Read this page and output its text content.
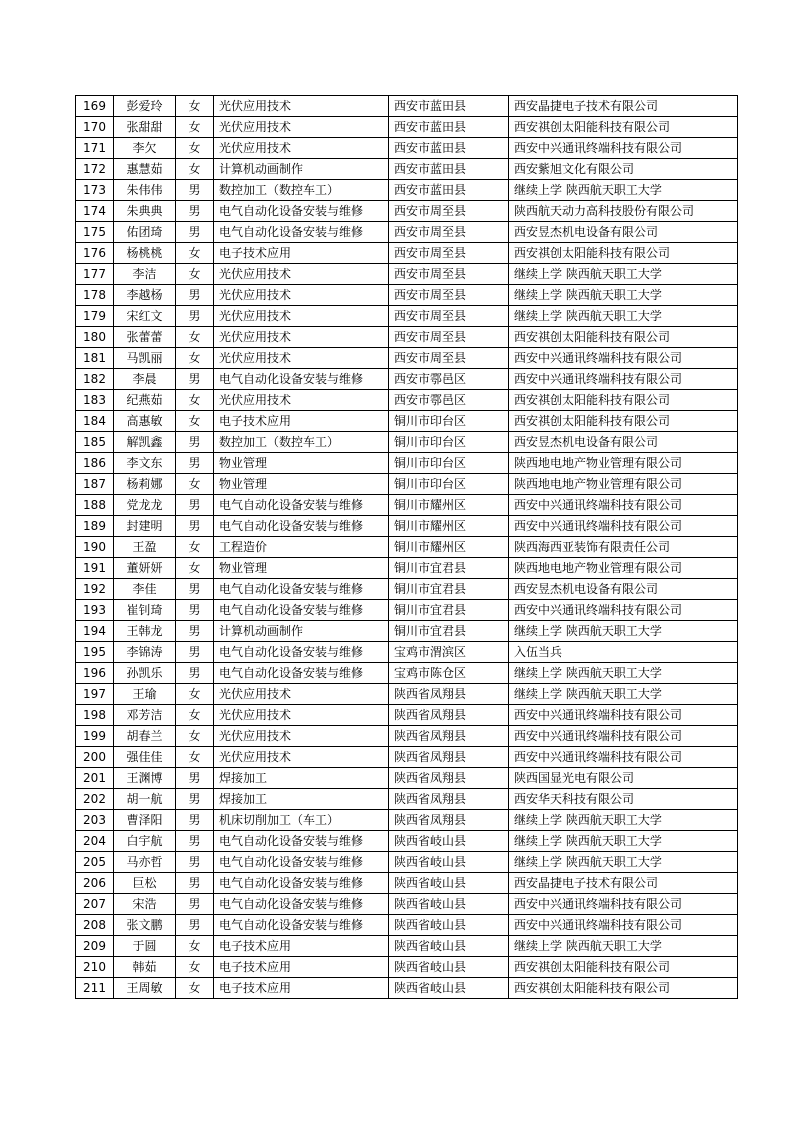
169	彭爱玲	女	光伏应用技术	西安市蓝田县	西安晶捷电子技术有限公司
170	张甜甜	女	光伏应用技术	西安市蓝田县	西安祺创太阳能科技有限公司
171	李欠	女	光伏应用技术	西安市蓝田县	西安中兴通讯终端科技有限公司
172	惠慧茹	女	计算机动画制作	西安市蓝田县	西安紫旭文化有限公司
173	朱伟伟	男	数控加工（数控车工）	西安市蓝田县	继续上学 陕西航天职工大学
174	朱典典	男	电气自动化设备安装与维修	西安市周至县	陕西航天动力高科技股份有限公司
175	佑团琦	男	电气自动化设备安装与维修	西安市周至县	西安昱杰机电设备有限公司
176	杨桃桃	女	电子技术应用	西安市周至县	西安祺创太阳能科技有限公司
177	李洁	女	光伏应用技术	西安市周至县	继续上学 陕西航天职工大学
178	李越杨	男	光伏应用技术	西安市周至县	继续上学 陕西航天职工大学
179	宋红文	男	光伏应用技术	西安市周至县	继续上学 陕西航天职工大学
180	张蕾蕾	女	光伏应用技术	西安市周至县	西安祺创太阳能科技有限公司
181	马凯丽	女	光伏应用技术	西安市周至县	西安中兴通讯终端科技有限公司
182	李晨	男	电气自动化设备安装与维修	西安市鄠邑区	西安中兴通讯终端科技有限公司
183	纪燕茹	女	光伏应用技术	西安市鄠邑区	西安祺创太阳能科技有限公司
184	高惠敏	女	电子技术应用	铜川市印台区	西安祺创太阳能科技有限公司
185	解凯鑫	男	数控加工（数控车工）	铜川市印台区	西安昱杰机电设备有限公司
186	李文东	男	物业管理	铜川市印台区	陕西地电地产物业管理有限公司
187	杨莉娜	女	物业管理	铜川市印台区	陕西地电地产物业管理有限公司
188	党龙龙	男	电气自动化设备安装与维修	铜川市耀州区	西安中兴通讯终端科技有限公司
189	封建明	男	电气自动化设备安装与维修	铜川市耀州区	西安中兴通讯终端科技有限公司
190	王盈	女	工程造价	铜川市耀州区	陕西海西亚装饰有限责任公司
191	董妍妍	女	物业管理	铜川市宜君县	陕西地电地产物业管理有限公司
192	李佳	男	电气自动化设备安装与维修	铜川市宜君县	西安昱杰机电设备有限公司
193	崔钊琦	男	电气自动化设备安装与维修	铜川市宜君县	西安中兴通讯终端科技有限公司
194	王韩龙	男	计算机动画制作	铜川市宜君县	继续上学 陕西航天职工大学
195	李锦涛	男	电气自动化设备安装与维修	宝鸡市渭滨区	入伍当兵
196	孙凯乐	男	电气自动化设备安装与维修	宝鸡市陈仓区	继续上学 陕西航天职工大学
197	王瑜	女	光伏应用技术	陕西省凤翔县	继续上学 陕西航天职工大学
198	邓芳洁	女	光伏应用技术	陕西省凤翔县	西安中兴通讯终端科技有限公司
199	胡春兰	女	光伏应用技术	陕西省凤翔县	西安中兴通讯终端科技有限公司
200	强佳佳	女	光伏应用技术	陕西省凤翔县	西安中兴通讯终端科技有限公司
201	王渊博	男	焊接加工	陕西省凤翔县	陕西国显光电有限公司
202	胡一航	男	焊接加工	陕西省凤翔县	西安华天科技有限公司
203	曹泽阳	男	机床切削加工（车工）	陕西省凤翔县	继续上学 陕西航天职工大学
204	白宇航	男	电气自动化设备安装与维修	陕西省岐山县	继续上学 陕西航天职工大学
205	马亦哲	男	电气自动化设备安装与维修	陕西省岐山县	继续上学 陕西航天职工大学
206	巨松	男	电气自动化设备安装与维修	陕西省岐山县	西安晶捷电子技术有限公司
207	宋浩	男	电气自动化设备安装与维修	陕西省岐山县	西安中兴通讯终端科技有限公司
208	张文鹏	男	电气自动化设备安装与维修	陕西省岐山县	西安中兴通讯终端科技有限公司
209	于圆	女	电子技术应用	陕西省岐山县	继续上学 陕西航天职工大学
210	韩茹	女	电子技术应用	陕西省岐山县	西安祺创太阳能科技有限公司
211	王周敏	女	电子技术应用	陕西省岐山县	西安祺创太阳能科技有限公司
